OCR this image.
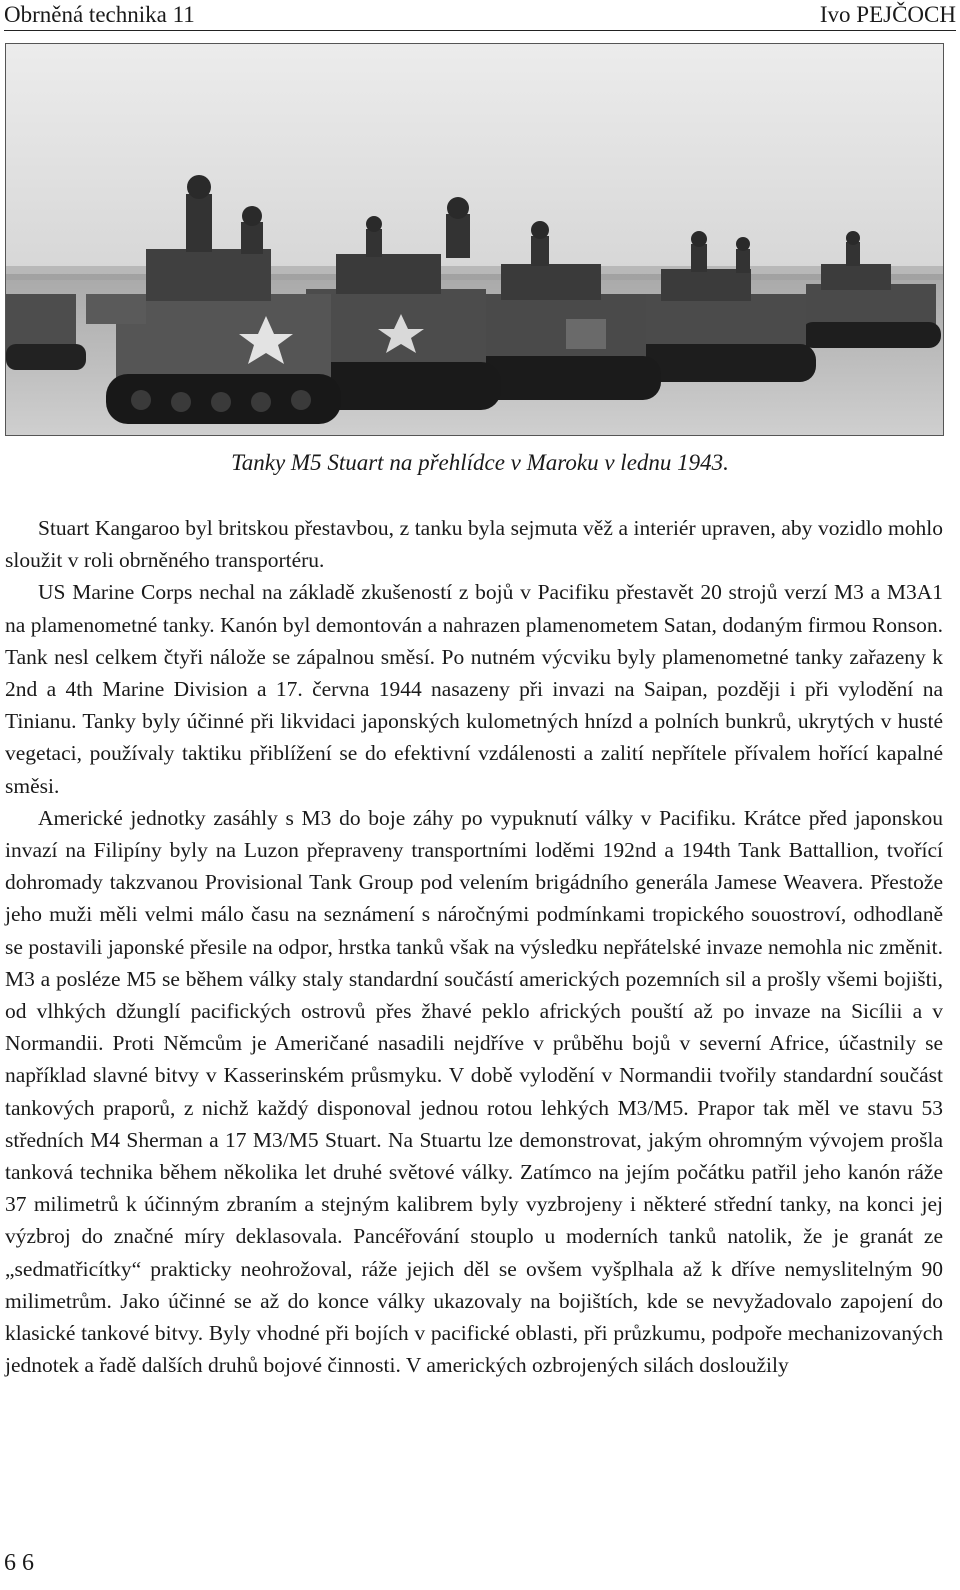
Obrněná technika 11	Ivo PEJČOCH
Tanky M5 Stuart na přehlídce v Maroku v lednu 1943.

Stuart Kangaroo byl britskou přestavbou, z tanku byla sejmuta věž a interiér upraven, aby vozidlo mohlo sloužit v roli obrněného transportéru.

US Marine Corps nechal na základě zkušeností z bojů v Pacifiku přestavět 20 strojů verzí M3 a M3A1 na plamenometné tanky. Kanón byl demontován a nahrazen plamenometem Satan, dodaným firmou Ronson. Tank nesl celkem čtyři nálože se zápalnou směsí. Po nutném výcviku byly plamenometné tanky zařazeny k 2nd a 4th Marine Division a 17. června 1944 nasazeny při invazi na Saipan, později i při vylodění na Tinianu. Tanky byly účinné při likvidaci japonských kulometných hnízd a polních bunkrů, ukrytých v husté vegetaci, používaly taktiku přiblížení se do efektivní vzdálenosti a zalití nepřítele přívalem hořící kapalné směsi.

Americké jednotky zasáhly s M3 do boje záhy po vypuknutí války v Pacifiku. Krátce před japonskou invazí na Filipíny byly na Luzon přepraveny transportními loděmi 192nd a 194th Tank Battallion, tvořící dohromady takzvanou Provisional Tank Group pod velením brigádního generála Jamese Weavera. Přestože jeho muži měli velmi málo času na seznámení s náročnými podmínkami tropického souostroví, odhodlaně se postavili japonské přesile na odpor, hrstka tanků však na výsledku nepřátelské invaze nemohla nic změnit. M3 a posléze M5 se během války staly standardní součástí amerických pozemních sil a prošly všemi bojišti, od vlhkých džunglí pacifických ostrovů přes žhavé peklo afrických pouští až po invaze na Sicílii a v Normandii. Proti Němcům je Američané nasadili nejdříve v průběhu bojů v severní Africe, účastnily se například slavné bitvy v Kasserinském průsmyku. V době vylodění v Normandii tvořily standardní součást tankových praporů, z nichž každý disponoval jednou rotou lehkých M3/M5. Prapor tak měl ve stavu 53 středních M4 Sherman a 17 M3/M5 Stuart. Na Stuartu lze demonstrovat, jakým ohromným vývojem prošla tanková technika během několika let druhé světové války. Zatímco na jejím počátku patřil jeho kanón ráže 37 milimetrů k účinným zbraním a stejným kalibrem byly vyzbrojeny i některé střední tanky, na konci jej výzbroj do značné míry deklasovala. Pancéřování stouplo u moderních tanků natolik, že je granát ze „sedmatřicítky“ prakticky neohrožoval, ráže jejich děl se ovšem vyšplhala až k dříve nemyslitelným 90 milimetrům. Jako účinné se až do konce války ukazovaly na bojištích, kde se nevyžadovalo zapojení do klasické tankové bitvy. Byly vhodné při bojích v pacifické oblasti, při průzkumu, podpoře mechanizovaných jednotek a řadě dalších druhů bojové činnosti. V amerických ozbrojených silách dosloužily

66
